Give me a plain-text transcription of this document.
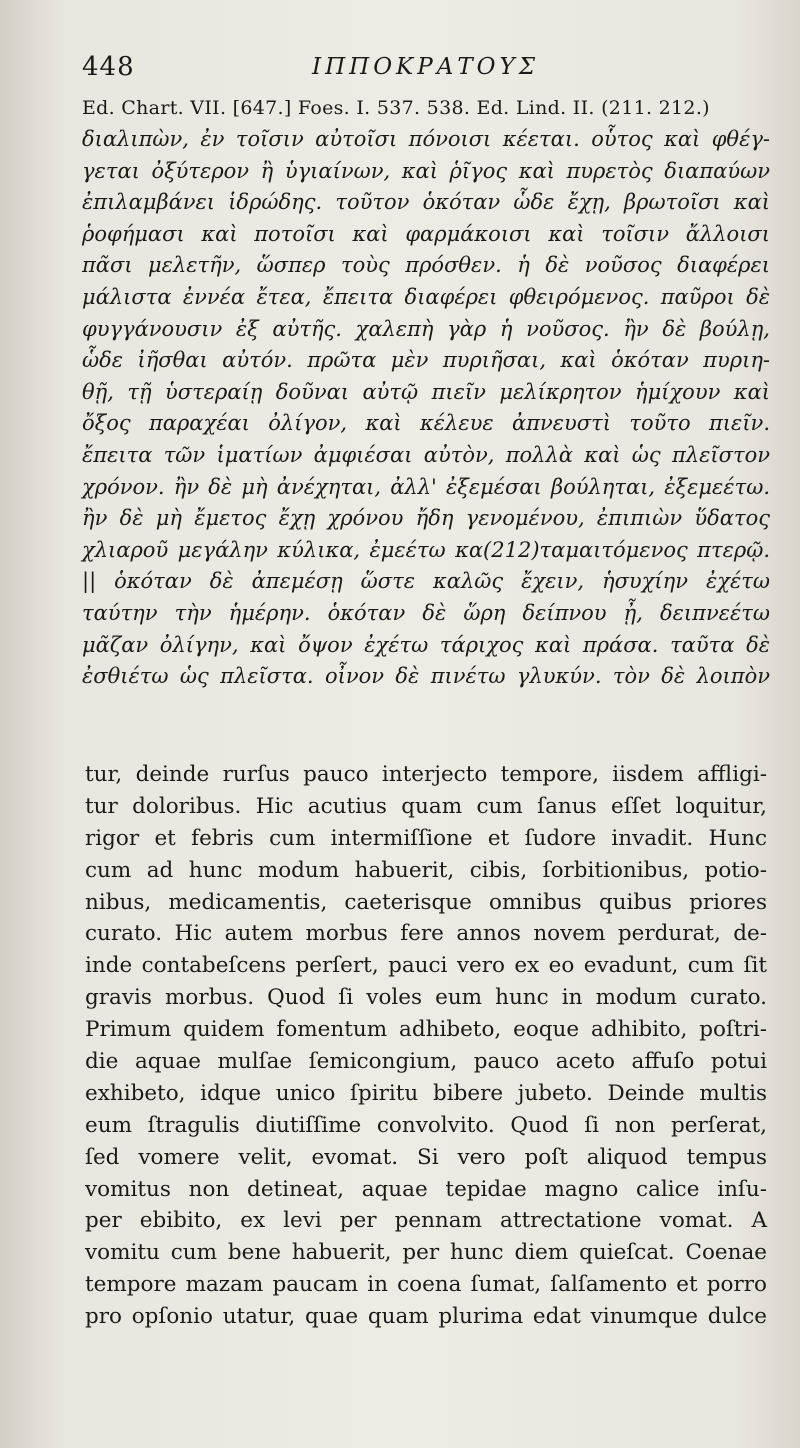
448	ΙΠΠΟΚΡΑΤΟΥΣ
Ed. Chart. VII. [647.] Foes. I. 537. 538. Ed. Lind. II. (211. 212.)
διαλιπὼν, ἐν τοῖσιν αὐτοῖσι πόνοισι κέεται. οὗτος καὶ φθέγ-
γεται ὀξύτερον ἢ ὑγιαίνων, καὶ ῥῖγος καὶ πυρετὸς διαπαύων
ἐπιλαμβάνει ἱδρώδης. τοῦτον ὁκόταν ὧδε ἔχῃ, βρωτοῖσι καὶ
ῥοφήμασι καὶ ποτοῖσι καὶ φαρμάκοισι καὶ τοῖσιν ἄλλοισι
πᾶσι μελετῆν, ὥσπερ τοὺς πρόσθεν. ἡ δὲ νοῦσος διαφέρει
μάλιστα ἐννέα ἔτεα, ἔπειτα διαφέρει φθειρόμενος. παῦροι δὲ
φυγγάνουσιν ἐξ αὐτῆς. χαλεπὴ γὰρ ἡ νοῦσος. ἢν δὲ βούλῃ,
ὧδε ἰῆσθαι αὐτόν. πρῶτα μὲν πυριῆσαι, καὶ ὁκόταν πυριη-
θῇ, τῇ ὑστεραίῃ δοῦναι αὐτῷ πιεῖν μελίκρητον ἡμίχουν καὶ
ὄξος παραχέαι ὀλίγον, καὶ κέλευε ἀπνευστὶ τοῦτο πιεῖν.
ἔπειτα τῶν ἱματίων ἀμφιέσαι αὐτὸν, πολλὰ καὶ ὡς πλεῖστον
χρόνον. ἢν δὲ μὴ ἀνέχηται, ἀλλ' ἐξεμέσαι βούληται, ἐξεμεέτω.
ἢν δὲ μὴ ἔμετος ἔχῃ χρόνου ἤδη γενομένου, ἐπιπιὼν ὕδατος
χλιαροῦ μεγάλην κύλικα, ἐμεέτω κα(212)ταμαιτόμενος πτερῷ.
|| ὁκόταν δὲ ἀπεμέσῃ ὥστε καλῶς ἔχειν, ἡσυχίην ἐχέτω
ταύτην τὴν ἡμέρην. ὁκόταν δὲ ὥρη δείπνου ᾖ, δειπνεέτω
μᾶζαν ὀλίγην, καὶ ὄψον ἐχέτω τάριχος καὶ πράσα. ταῦτα δὲ
ἐσθιέτω ὡς πλεῖστα. οἶνον δὲ πινέτω γλυκύν. τὸν δὲ λοιπὸν
tur, deinde rurſus pauco interjecto tempore, iisdem affligi-
tur doloribus. Hic acutius quam cum ſanus eſſet loquitur,
rigor et febris cum intermiſſione et ſudore invadit. Hunc
cum ad hunc modum habuerit, cibis, ſorbitionibus, potio-
nibus, medicamentis, caeterisque omnibus quibus priores
curato. Hic autem morbus fere annos novem perdurat, de-
inde contabeſcens perſert, pauci vero ex eo evadunt, cum ſit
gravis morbus. Quod ſi voles eum hunc in modum curato.
Primum quidem fomentum adhibeto, eoque adhibito, poſtri-
die aquae mulſae ſemicongium, pauco aceto affuſo potui
exhibeto, idque unico ſpiritu bibere jubeto. Deinde multis
eum ſtragulis diutiſſime convolvito. Quod ſi non perſerat,
ſed vomere velit, evomat. Si vero poſt aliquod tempus
vomitus non detineat, aquae tepidae magno calice inſu-
per ebibito, ex levi per pennam attrectatione vomat. A
vomitu cum bene habuerit, per hunc diem quieſcat. Coenae
tempore mazam paucam in coena ſumat, ſalſamento et porro
pro opſonio utatur, quae quam plurima edat vinumque dulce
